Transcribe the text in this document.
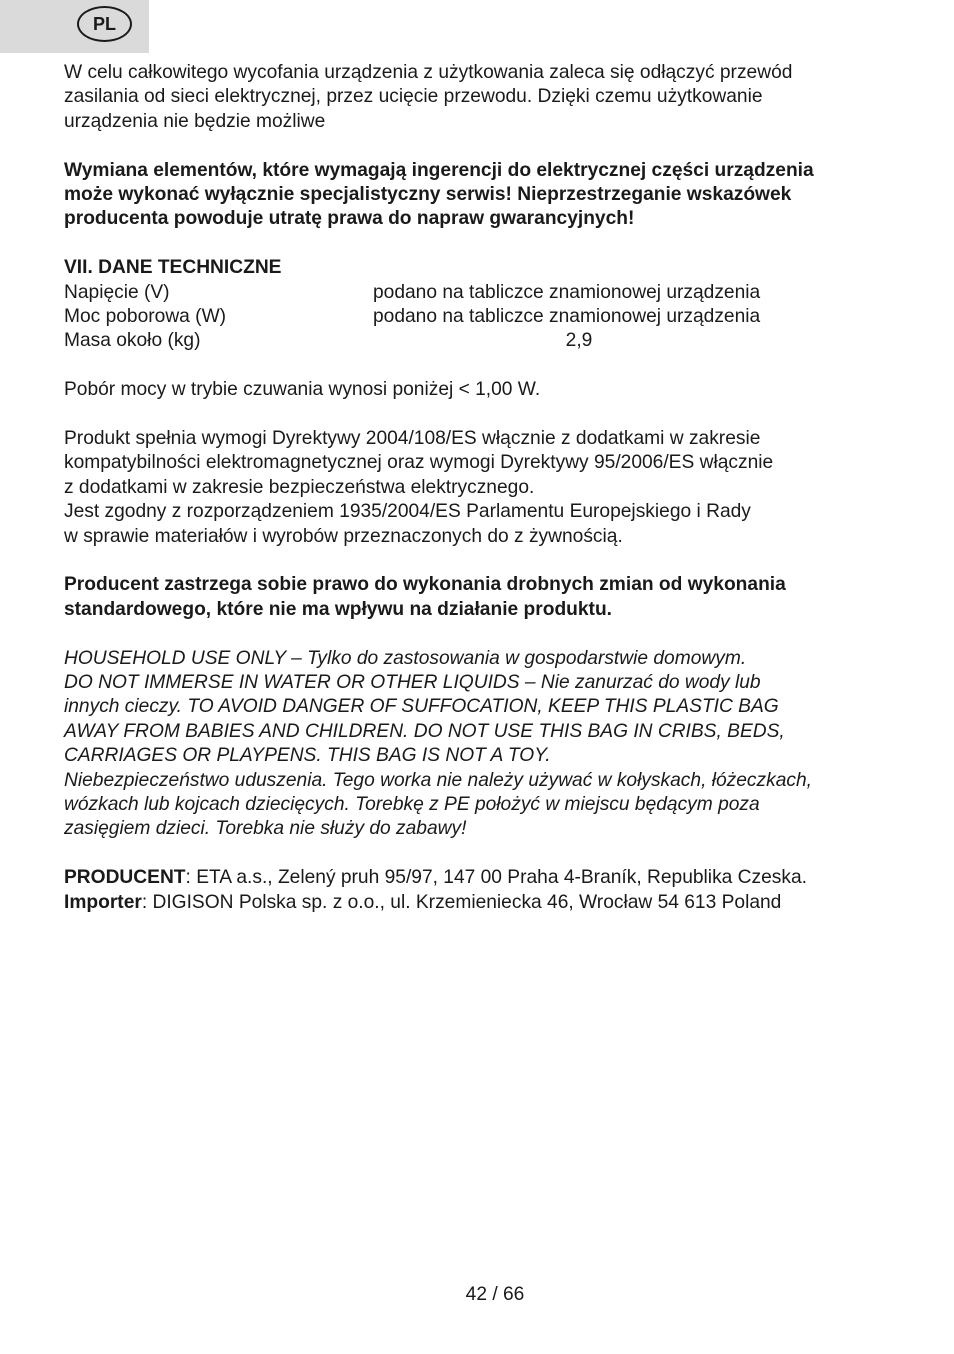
PL

W celu całkowitego wycofania urządzenia z użytkowania zaleca się odłączyć przewód
zasilania od sieci elektrycznej, przez ucięcie przewodu. Dzięki czemu użytkowanie
urządzenia nie będzie możliwe

Wymiana elementów, które wymagają ingerencji do elektrycznej części urządzenia
może wykonać wyłącznie specjalistyczny serwis! Nieprzestrzeganie wskazówek
producenta powoduje utratę prawa do napraw gwarancyjnych!

VII. DANE TECHNICZNE
Napięcie (V)	podano na tabliczce znamionowej urządzenia
Moc poborowa (W)	podano na tabliczce znamionowej urządzenia
Masa około (kg)	2,9

Pobór mocy w trybie czuwania wynosi poniżej < 1,00 W.

Produkt spełnia wymogi Dyrektywy 2004/108/ES włącznie z dodatkami w zakresie
kompatybilności elektromagnetycznej oraz wymogi Dyrektywy 95/2006/ES włącznie
z dodatkami w zakresie bezpieczeństwa elektrycznego.
Jest zgodny z rozporządzeniem 1935/2004/ES Parlamentu Europejskiego i Rady
w sprawie materiałów i wyrobów przeznaczonych do z żywnością.

Producent zastrzega sobie prawo do wykonania drobnych zmian od wykonania
standardowego, które nie ma wpływu na działanie produktu.

HOUSEHOLD USE ONLY – Tylko do zastosowania w gospodarstwie domowym.
DO NOT IMMERSE IN WATER OR OTHER LIQUIDS – Nie zanurzać do wody lub
innych cieczy. TO AVOID DANGER OF SUFFOCATION, KEEP THIS PLASTIC BAG
AWAY FROM BABIES AND CHILDREN. DO NOT USE THIS BAG IN CRIBS, BEDS,
CARRIAGES OR PLAYPENS. THIS BAG IS NOT A TOY.
Niebezpieczeństwo uduszenia. Tego worka nie należy używać w kołyskach, łóżeczkach,
wózkach lub kojcach dziecięcych. Torebkę z PE położyć w miejscu będącym poza
zasięgiem dzieci. Torebka nie służy do zabawy!

PRODUCENT: ETA a.s., Zelený pruh 95/97, 147 00 Praha 4-Braník, Republika Czeska.
Importer: DIGISON Polska sp. z o.o., ul. Krzemieniecka 46, Wrocław 54 613 Poland

42 / 66
